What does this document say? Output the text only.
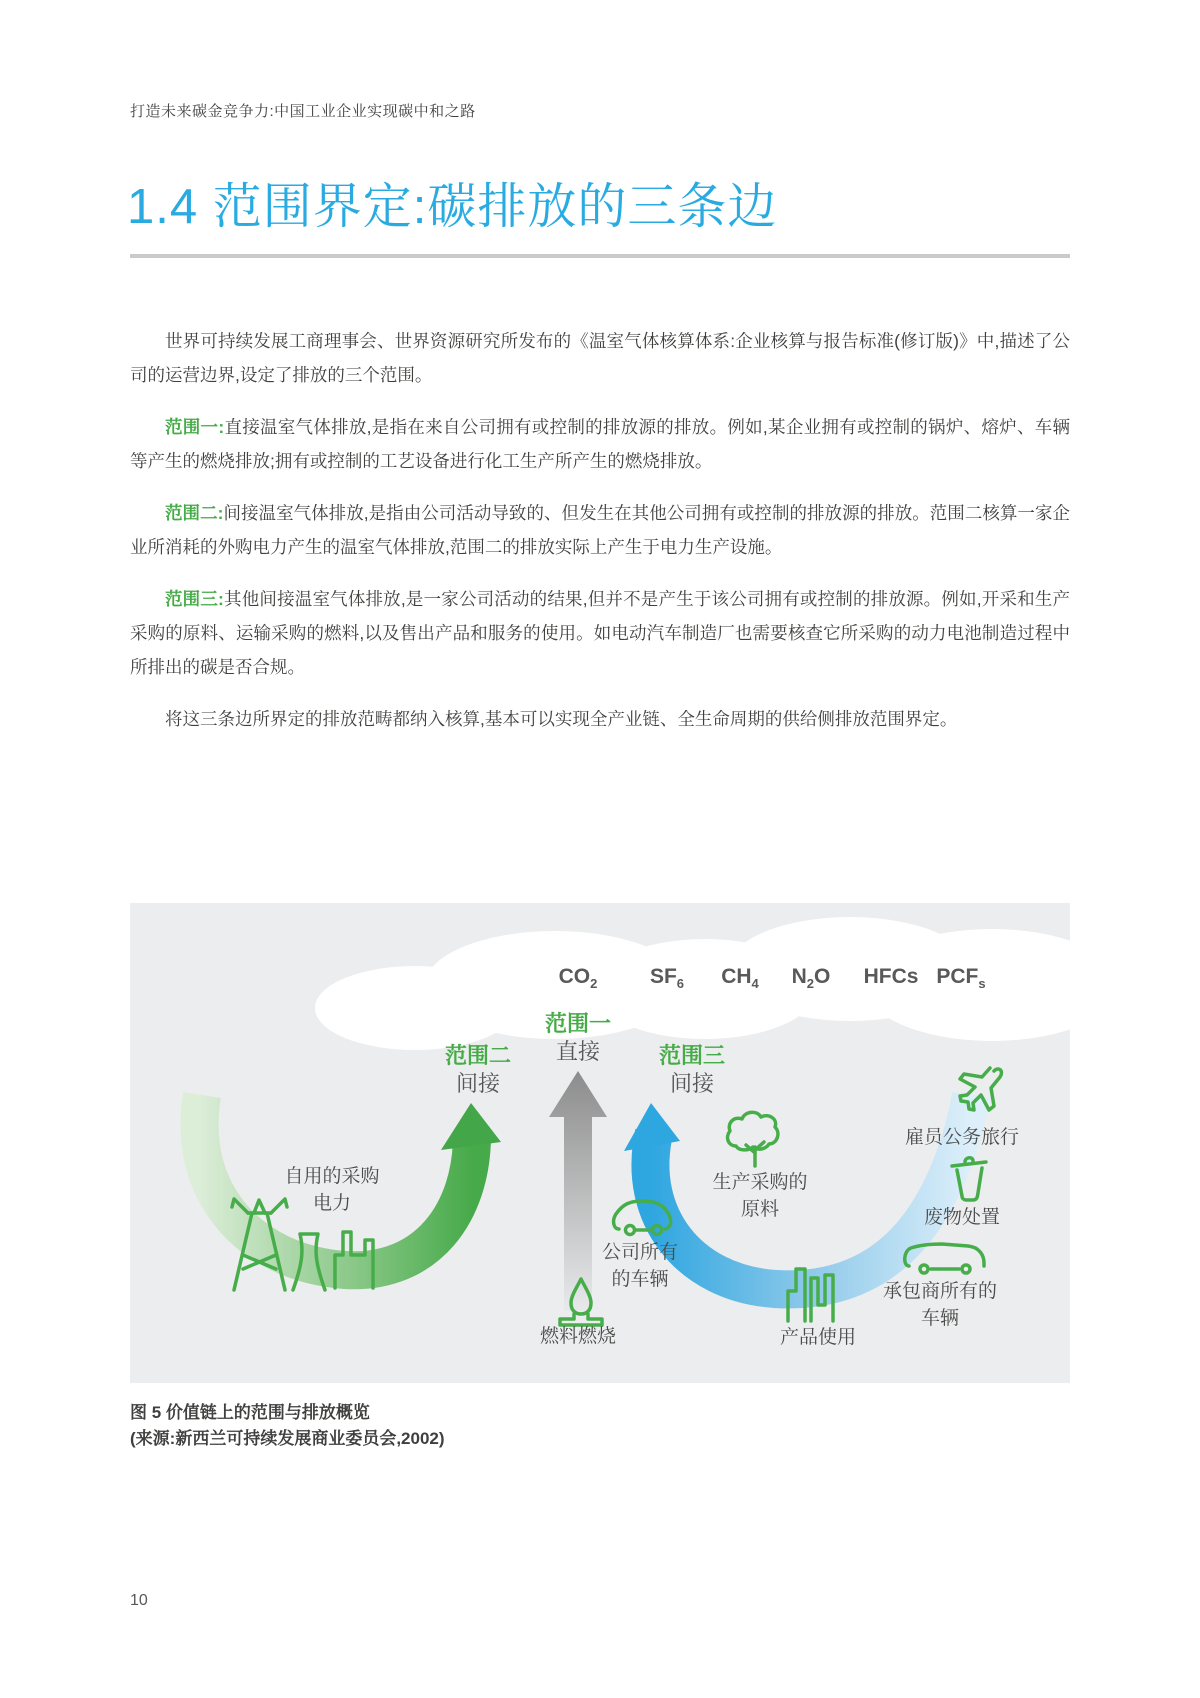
打造未来碳金竞争力:中国工业企业实现碳中和之路
1.4 范围界定:碳排放的三条边

世界可持续发展工商理事会、世界资源研究所发布的《温室气体核算体系:企业核算与报告标准(修订版)》中,描述了公司的运营边界,设定了排放的三个范围。

范围一:直接温室气体排放,是指在来自公司拥有或控制的排放源的排放。例如,某企业拥有或控制的锅炉、熔炉、车辆等产生的燃烧排放;拥有或控制的工艺设备进行化工生产所产生的燃烧排放。

范围二:间接温室气体排放,是指由公司活动导致的、但发生在其他公司拥有或控制的排放源的排放。范围二核算一家企业所消耗的外购电力产生的温室气体排放,范围二的排放实际上产生于电力生产设施。

范围三:其他间接温室气体排放,是一家公司活动的结果,但并不是产生于该公司拥有或控制的排放源。例如,开采和生产采购的原料、运输采购的燃料,以及售出产品和服务的使用。如电动汽车制造厂也需要核查它所采购的动力电池制造过程中所排出的碳是否合规。

将这三条边所界定的排放范畴都纳入核算,基本可以实现全产业链、全生命周期的供给侧排放范围界定。

$CO_2$	$SF_6$ $CH_4$ $N_2O$ HFCs $PCF_s$
范围一
直接
范围二
间接
范围三
间接
自用的采购
电力
公司所有
的车辆
燃料燃烧
生产采购的
原料
产品使用
雇员公务旅行
废物处置
承包商所有的
车辆
图 5 价值链上的范围与排放概览
(来源:新西兰可持续发展商业委员会,2002)
10
